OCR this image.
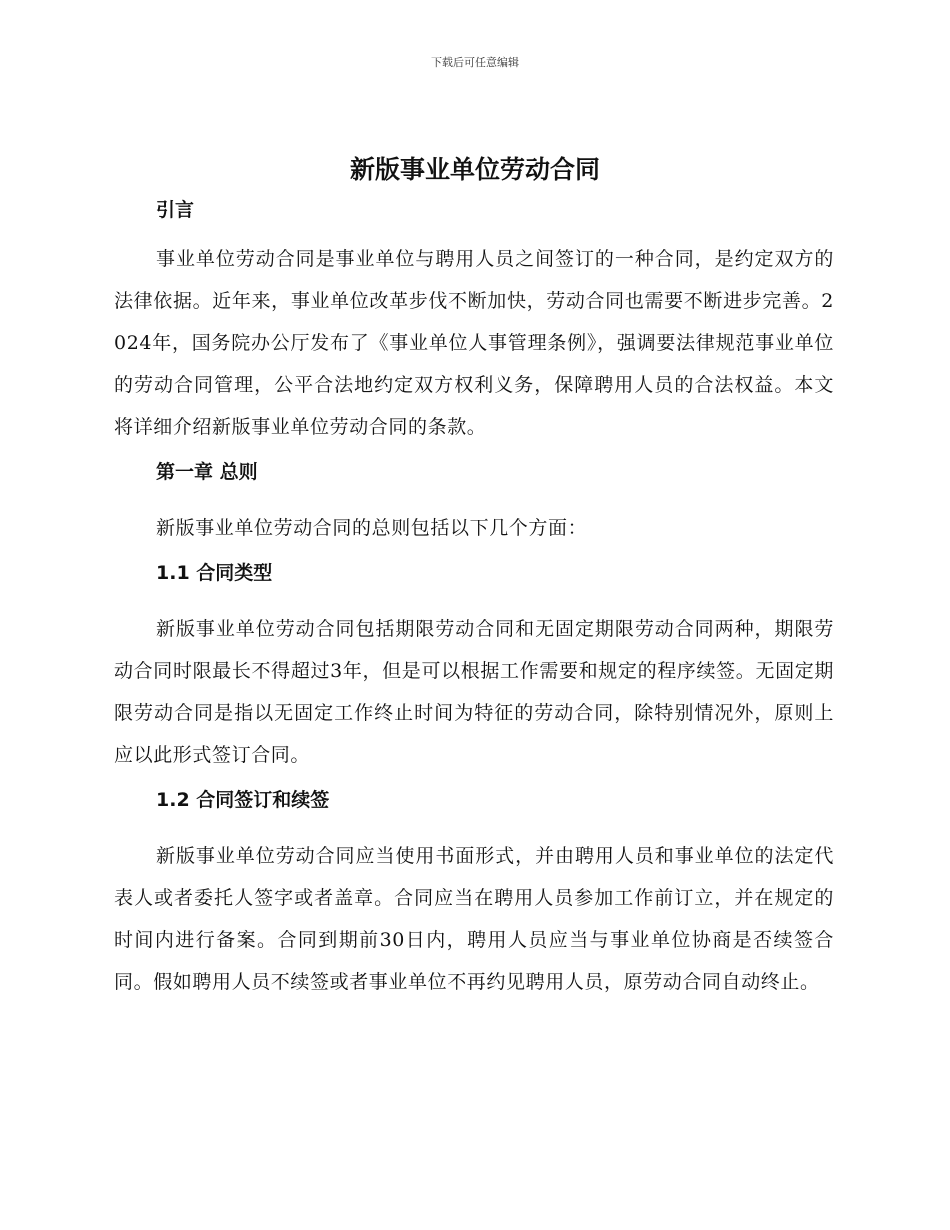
下载后可任意编辑
新版事业单位劳动合同
引言

事业单位劳动合同是事业单位与聘用人员之间签订的一种合同，是约定双方的法律依据。近年来，事业单位改革步伐不断加快，劳动合同也需要不断进步完善。2024年，国务院办公厅发布了《事业单位人事管理条例》，强调要法律规范事业单位的劳动合同管理，公平合法地约定双方权利义务，保障聘用人员的合法权益。本文将详细介绍新版事业单位劳动合同的条款。

第一章 总则

新版事业单位劳动合同的总则包括以下几个方面：

1.1 合同类型

新版事业单位劳动合同包括期限劳动合同和无固定期限劳动合同两种，期限劳动合同时限最长不得超过3年，但是可以根据工作需要和规定的程序续签。无固定期限劳动合同是指以无固定工作终止时间为特征的劳动合同，除特别情况外，原则上应以此形式签订合同。

1.2 合同签订和续签

新版事业单位劳动合同应当使用书面形式，并由聘用人员和事业单位的法定代表人或者委托人签字或者盖章。合同应当在聘用人员参加工作前订立，并在规定的时间内进行备案。合同到期前30日内，聘用人员应当与事业单位协商是否续签合同。假如聘用人员不续签或者事业单位不再约见聘用人员，原劳动合同自动终止。
